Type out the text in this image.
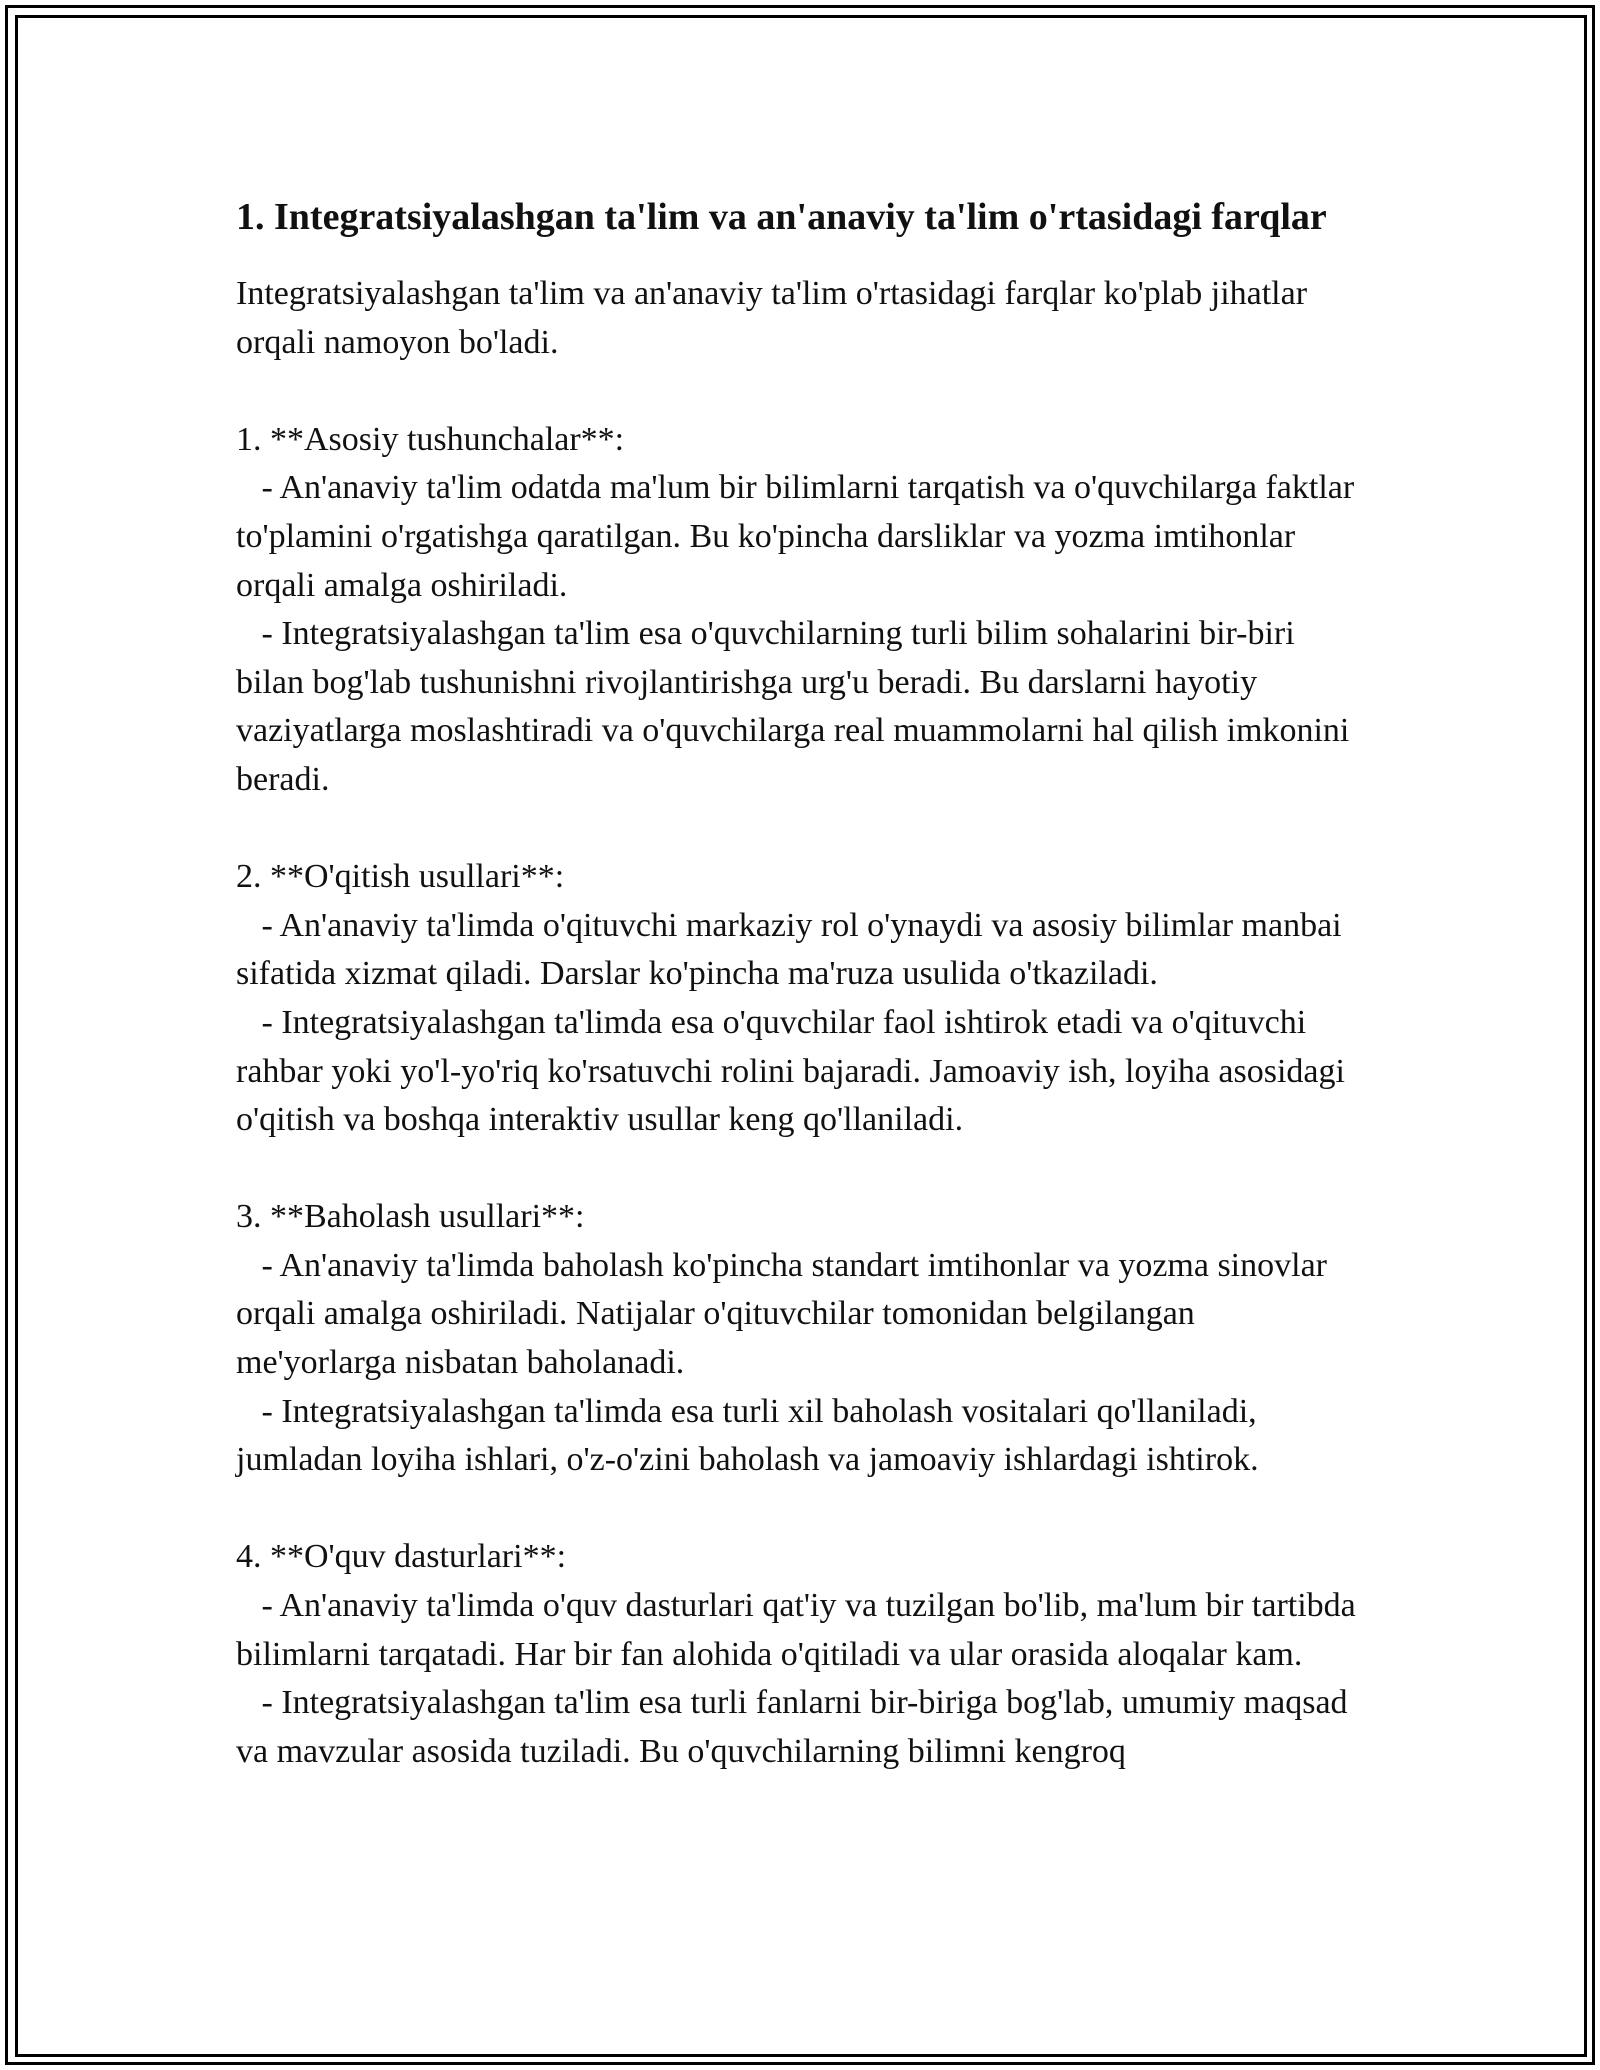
1. Integratsiyalashgan ta'lim va an'anaviy ta'lim o'rtasidagi farqlar

Integratsiyalashgan ta'lim va an'anaviy ta'lim o'rtasidagi farqlar ko'plab jihatlar orqali namoyon bo'ladi.

1. **Asosiy tushunchalar**:
- An'anaviy ta'lim odatda ma'lum bir bilimlarni tarqatish va o'quvchilarga faktlar to'plamini o'rgatishga qaratilgan. Bu ko'pincha darsliklar va yozma imtihonlar orqali amalga oshiriladi.
- Integratsiyalashgan ta'lim esa o'quvchilarning turli bilim sohalarini bir-biri bilan bog'lab tushunishni rivojlantirishga urg'u beradi. Bu darslarni hayotiy vaziyatlarga moslashtiradi va o'quvchilarga real muammolarni hal qilish imkonini beradi.

2. **O'qitish usullari**:
- An'anaviy ta'limda o'qituvchi markaziy rol o'ynaydi va asosiy bilimlar manbai sifatida xizmat qiladi. Darslar ko'pincha ma'ruza usulida o'tkaziladi.
- Integratsiyalashgan ta'limda esa o'quvchilar faol ishtirok etadi va o'qituvchi rahbar yoki yo'l-yo'riq ko'rsatuvchi rolini bajaradi. Jamoaviy ish, loyiha asosidagi o'qitish va boshqa interaktiv usullar keng qo'llaniladi.

3. **Baholash usullari**:
- An'anaviy ta'limda baholash ko'pincha standart imtihonlar va yozma sinovlar orqali amalga oshiriladi. Natijalar o'qituvchilar tomonidan belgilangan me'yorlarga nisbatan baholanadi.
- Integratsiyalashgan ta'limda esa turli xil baholash vositalari qo'llaniladi, jumladan loyiha ishlari, o'z-o'zini baholash va jamoaviy ishlardagi ishtirok.

4. **O'quv dasturlari**:
- An'anaviy ta'limda o'quv dasturlari qat'iy va tuzilgan bo'lib, ma'lum bir tartibda bilimlarni tarqatadi. Har bir fan alohida o'qitiladi va ular orasida aloqalar kam.
- Integratsiyalashgan ta'lim esa turli fanlarni bir-biriga bog'lab, umumiy maqsad va mavzular asosida tuziladi. Bu o'quvchilarning bilimni kengroq
